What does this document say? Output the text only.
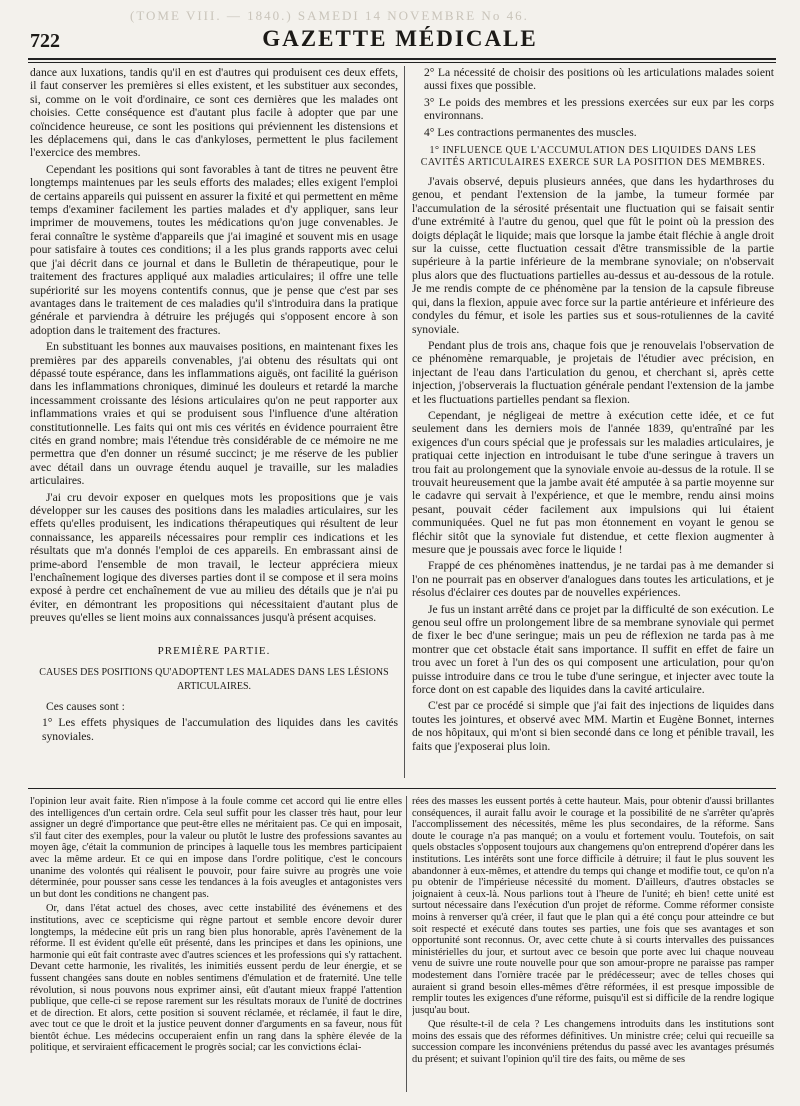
(TOME VIII. — 1840.) SAMEDI 14 NOVEMBRE No 46.
722	GAZETTE MÉDICALE

dance aux luxations, tandis qu'il en est d'autres qui produisent ces deux effets, il faut conserver les premières si elles existent, et les substituer aux secondes, si, comme on le voit d'ordinaire, ce sont ces dernières que les malades ont choisies. Cette conséquence est d'autant plus facile à adopter que par une coïncidence heureuse, ce sont les positions qui préviennent les distensions et les déplacemens qui, dans le cas d'ankyloses, permettent le plus facilement l'exercice des membres.

Cependant les positions qui sont favorables à tant de titres ne peuvent être longtemps maintenues par les seuls efforts des malades; elles exigent l'emploi de certains appareils qui puissent en assurer la fixité et qui permettent en même temps d'examiner facilement les parties malades et d'y appliquer, sans leur imprimer de mouvemens, toutes les médications qu'on juge convenables. Je ferai connaître le système d'appareils que j'ai imaginé et souvent mis en usage pour satisfaire à toutes ces conditions; il a les plus grands rapports avec celui que j'ai décrit dans ce journal et dans le Bulletin de thérapeutique, pour le traitement des fractures appliqué aux maladies articulaires; il offre une telle supériorité sur les moyens contentifs connus, que je pense que c'est par ses avantages dans le traitement de ces maladies qu'il s'introduira dans la pratique générale et parviendra à détruire les préjugés qui s'opposent encore à son adoption dans le traitement des fractures.

En substituant les bonnes aux mauvaises positions, en maintenant fixes les premières par des appareils convenables, j'ai obtenu des résultats qui ont dépassé toute espérance, dans les inflammations aiguës, ont facilité la guérison dans les inflammations chroniques, diminué les douleurs et retardé la marche incessamment croissante des lésions articulaires qu'on ne peut rapporter aux inflammations vraies et qui se produisent sous l'influence d'une altération constitutionnelle. Les faits qui ont mis ces vérités en évidence pourraient être cités en grand nombre; mais l'étendue très considérable de ce mémoire ne me permettra que d'en donner un résumé succinct; je me réserve de les publier avec détail dans un ouvrage étendu auquel je travaille, sur les maladies articulaires.

J'ai cru devoir exposer en quelques mots les propositions que je vais développer sur les causes des positions dans les maladies articulaires, sur les effets qu'elles produisent, les indications thérapeutiques qui résultent de leur connaissance, les appareils nécessaires pour remplir ces indications et les résultats que m'a donnés l'emploi de ces appareils. En embrassant ainsi de prime-abord l'ensemble de mon travail, le lecteur appréciera mieux l'enchaînement logique des diverses parties dont il se compose et il sera moins exposé à perdre cet enchaînement de vue au milieu des détails que je n'ai pu éviter, en démontrant les propositions qui nécessitaient d'autant plus de preuves qu'elles se lient moins aux connaissances jusqu'à présent acquises.

PREMIÈRE PARTIE.

CAUSES DES POSITIONS QU'ADOPTENT LES MALADES DANS LES LÉSIONS ARTICULAIRES.

Ces causes sont :

1° Les effets physiques de l'accumulation des liquides dans les cavités synoviales.

2° La nécessité de choisir des positions où les articulations malades soient aussi fixes que possible.

3° Le poids des membres et les pressions exercées sur eux par les corps environnans.

4° Les contractions permanentes des muscles.

1° INFLUENCE QUE L'ACCUMULATION DES LIQUIDES DANS LES CAVITÉS ARTICULAIRES EXERCE SUR LA POSITION DES MEMBRES.

J'avais observé, depuis plusieurs années, que dans les hydarthroses du genou, et pendant l'extension de la jambe, la tumeur formée par l'accumulation de la sérosité présentait une fluctuation qui se faisait sentir d'une extrémité à l'autre du genou, quel que fût le point où la pression des doigts déplaçât le liquide; mais que lorsque la jambe était fléchie à angle droit sur la cuisse, cette fluctuation cessait d'être transmissible de la partie supérieure à la partie inférieure de la membrane synoviale; on n'observait plus alors que des fluctuations partielles au-dessus et au-dessous de la rotule. Je me rendis compte de ce phénomène par la tension de la capsule fibreuse qui, dans la flexion, appuie avec force sur la partie antérieure et inférieure des condyles du fémur, et isole les parties sus et sous-rotuliennes de la cavité synoviale.

Pendant plus de trois ans, chaque fois que je renouvelais l'observation de ce phénomène remarquable, je projetais de l'étudier avec précision, en injectant de l'eau dans l'articulation du genou, et cherchant si, après cette injection, j'observerais la fluctuation générale pendant l'extension de la jambe et les fluctuations partielles pendant sa flexion.

Cependant, je négligeai de mettre à exécution cette idée, et ce fut seulement dans les derniers mois de l'année 1839, qu'entraîné par les exigences d'un cours spécial que je professais sur les maladies articulaires, je pratiquai cette injection en introduisant le tube d'une seringue à travers un trou fait au prolongement que la synoviale envoie au-dessus de la rotule. Il se trouvait heureusement que la jambe avait été amputée à sa partie moyenne sur le cadavre qui servait à l'expérience, et que le membre, rendu ainsi moins pesant, pouvait céder facilement aux impulsions qui lui étaient communiquées. Quel ne fut pas mon étonnement en voyant le genou se fléchir sitôt que la synoviale fut distendue, et cette flexion augmenter à mesure que je poussais avec force le liquide !

Frappé de ces phénomènes inattendus, je ne tardai pas à me demander si l'on ne pourrait pas en observer d'analogues dans toutes les articulations, et je résolus d'éclairer ces doutes par de nouvelles expériences.

Je fus un instant arrêté dans ce projet par la difficulté de son exécution. Le genou seul offre un prolongement libre de sa membrane synoviale qui permet de fixer le bec d'une seringue; mais un peu de réflexion ne tarda pas à me montrer que cet obstacle était sans importance. Il suffit en effet de faire un trou avec un foret à l'un des os qui composent une articulation, pour qu'on puisse introduire dans ce trou le tube d'une seringue, et injecter avec toute la force dont on est capable des liquides dans la cavité articulaire.

C'est par ce procédé si simple que j'ai fait des injections de liquides dans toutes les jointures, et observé avec MM. Martin et Eugène Bonnet, internes de nos hôpitaux, qui m'ont si bien secondé dans ce long et pénible travail, les faits que j'exposerai plus loin.

l'opinion leur avait faite. Rien n'impose à la foule comme cet accord qui lie entre elles des intelligences d'un certain ordre. Cela seul suffit pour les classer très haut, pour leur assigner un degré d'importance que peut-être elles ne méritaient pas. Ce qui en imposait, s'il faut citer des exemples, pour la valeur ou plutôt le lustre des professions savantes au moyen âge, c'était la communion de principes à laquelle tous les membres participaient avec la même ardeur. Et ce qui en impose dans l'ordre politique, c'est le concours unanime des volontés qui réalisent le pouvoir, pour faire suivre au progrès une voie déterminée, pour pousser sans cesse les tendances à la fois aveugles et antagonistes vers un but dont les conditions ne changent pas.

Or, dans l'état actuel des choses, avec cette instabilité des événemens et des institutions, avec ce scepticisme qui règne partout et semble encore devoir durer longtemps, la médecine eût pris un rang bien plus honorable, après l'avènement de la réforme. Il est évident qu'elle eût présenté, dans les principes et dans les opinions, une harmonie qui eût fait contraste avec d'autres sciences et les professions qui s'y rattachent. Devant cette harmonie, les rivalités, les inimitiés eussent perdu de leur énergie, et se fussent changées sans doute en nobles sentimens d'émulation et de fraternité. Une telle révolution, si nous pouvons nous exprimer ainsi, eût d'autant mieux frappé l'attention publique, que celle-ci se repose rarement sur les résultats moraux de l'unité de doctrines et de direction. Et alors, cette position si souvent réclamée, et réclamée, il faut le dire, avec tout ce que le droit et la justice peuvent donner d'arguments en sa faveur, nous fût bientôt échue. Les médecins occuperaient enfin un rang dans la sphère élevée de la politique, et serviraient efficacement le progrès social; car les convictions éclai-

rées des masses les eussent portés à cette hauteur. Mais, pour obtenir d'aussi brillantes conséquences, il aurait fallu avoir le courage et la possibilité de ne s'arrêter qu'après l'accomplissement des nécessités, même les plus secondaires, de la réforme. Sans doute le courage n'a pas manqué; on a voulu et fortement voulu. Toutefois, on sait quels obstacles s'opposent toujours aux changemens qu'on entreprend d'opérer dans les institutions. Les intérêts sont une force difficile à détruire; il faut le plus souvent les abandonner à eux-mêmes, et attendre du temps qui change et modifie tout, ce qu'on n'a pu obtenir de l'impérieuse nécessité du moment. D'ailleurs, d'autres obstacles se joignaient à ceux-là. Nous parlions tout à l'heure de l'unité; eh bien! cette unité est surtout nécessaire dans l'exécution d'un projet de réforme. Comme réformer consiste moins à renverser qu'à créer, il faut que le plan qui a été conçu pour atteindre ce but soit respecté et exécuté dans toutes ses parties, une fois que ses avantages et son opportunité sont reconnus. Or, avec cette chute à si courts intervalles des puissances ministérielles du jour, et surtout avec ce besoin que porte avec lui chaque nouveau venu de suivre une route nouvelle pour que son amour-propre ne paraisse pas ramper modestement dans l'ornière tracée par le prédécesseur; avec de telles choses qui auraient si grand besoin elles-mêmes d'être réformées, il est presque impossible de remplir toutes les exigences d'une réforme, puisqu'il est si difficile de la rendre logique jusqu'au bout.

Que résulte-t-il de cela ? Les changemens introduits dans les institutions sont moins des essais que des réformes définitives. Un ministre crée; celui qui recueille sa succession compare les inconvéniens prétendus du passé avec les avantages présumés du présent; et suivant l'opinion qu'il tire des faits, ou même de ses
